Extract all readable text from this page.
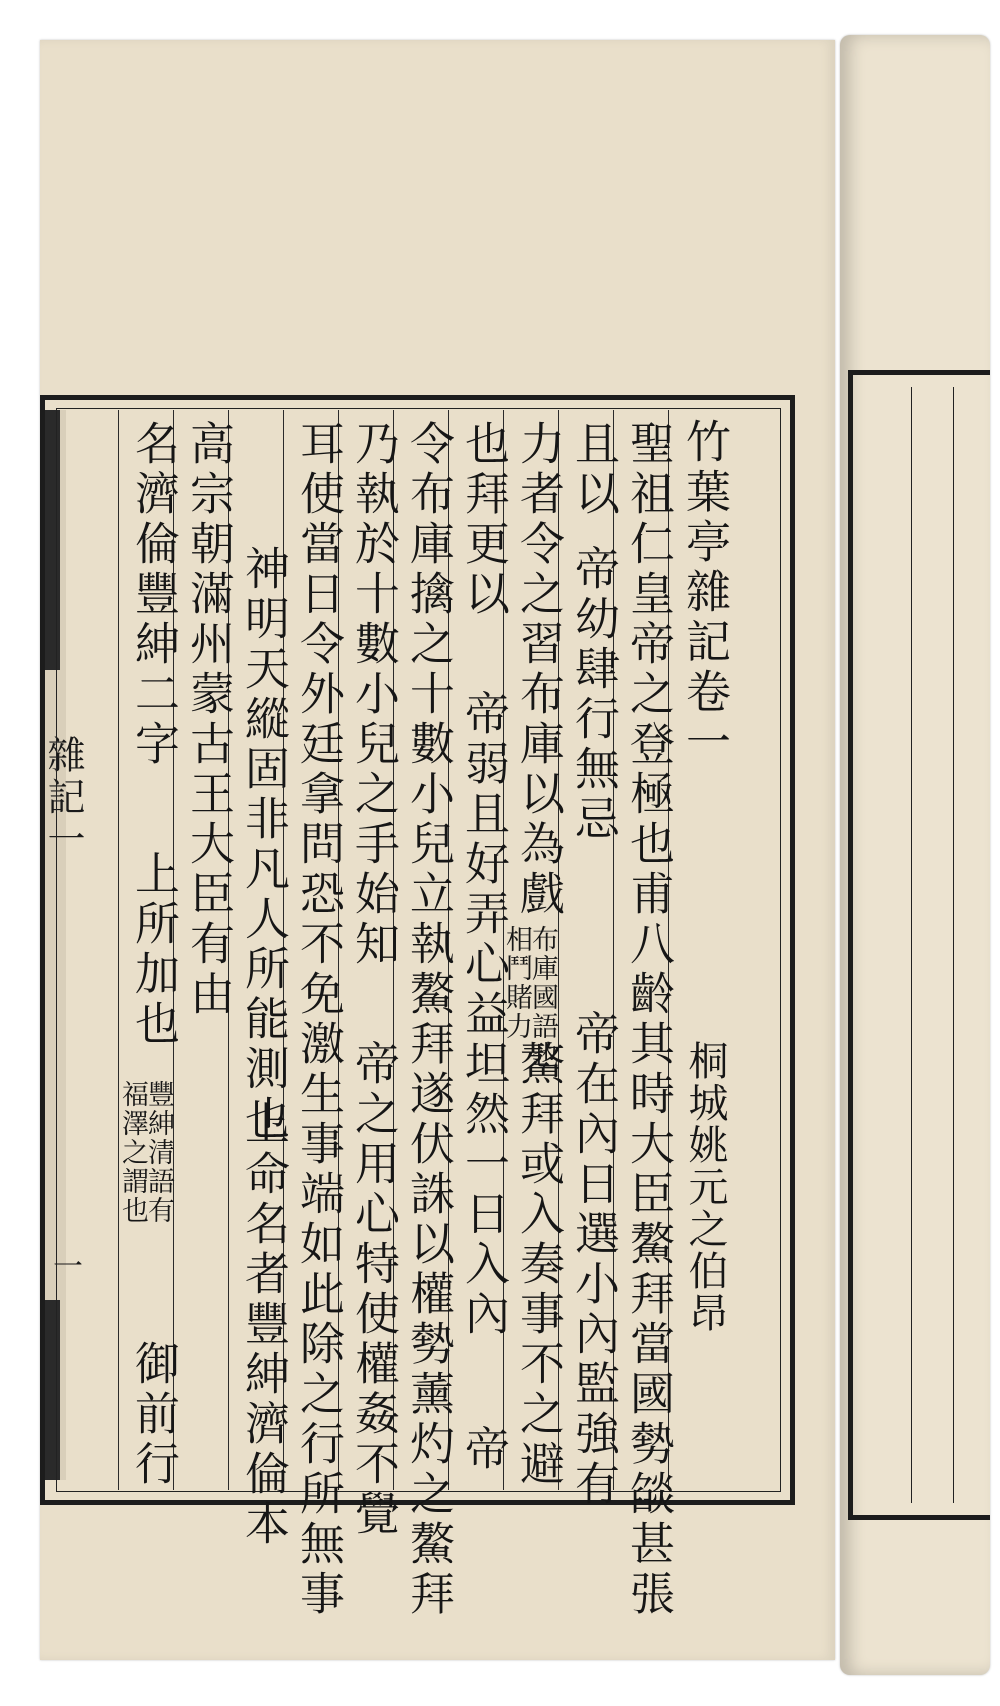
雜記一
一
竹葉亭雜記卷一
桐城姚元之伯昂
聖祖仁皇帝之登極也甫八齡其時大臣鰲拜當國勢燄甚張
且以
帝幼肆行無忌
帝在內日選小內監強有
力者令之習布庫以為戲
布庫國語也
相鬥賭力
鰲拜或入奏事不之避
也拜更以
帝弱且好弄心益坦然一日入內
帝
令布庫擒之十數小兒立執鰲拜遂伏誅以權勢薰灼之鰲拜
乃執於十數小兒之手始知
帝之用心特使權姦不覺
耳使當日令外廷拿問恐不免激生事端如此除之行所無事
神明天縱固非凡人所能測也
上命名者豐紳濟倫本
高宗朝滿州蒙古王大臣有由
名濟倫豐紳二字
上所加也
豐紳清語有
福澤之謂也
御前行
